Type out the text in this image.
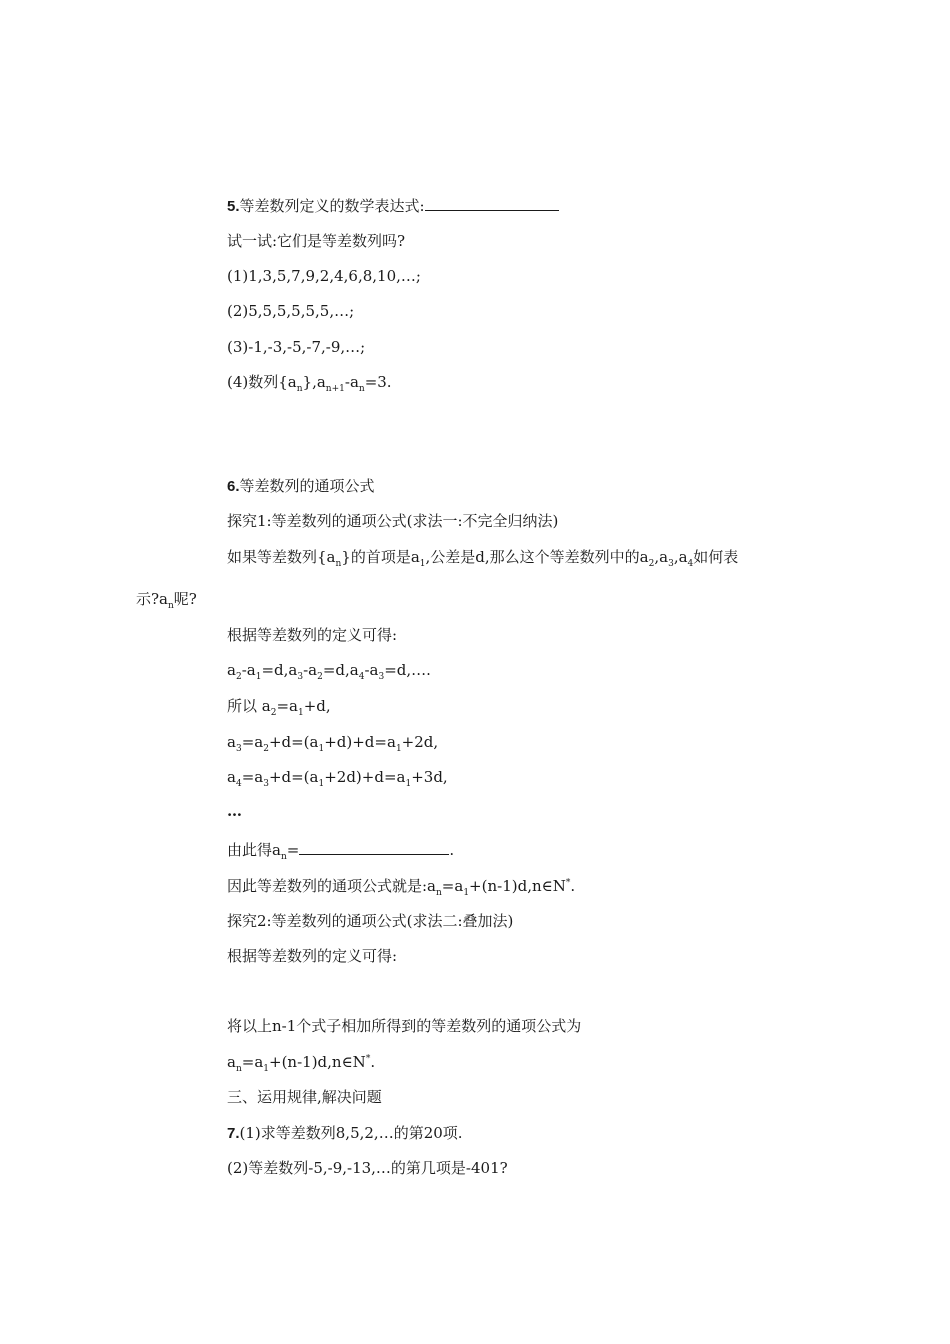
5.等差数列定义的数学表达式:
试一试:它们是等差数列吗?
(1)1,3,5,7,9,2,4,6,8,10,…;
(2)5,5,5,5,5,5,…;
(3)-1,-3,-5,-7,-9,…;
(4)数列$\{a_n\},a_{n+1}-a_n=3$.
6.等差数列的通项公式
探究1:等差数列的通项公式(求法一:不完全归纳法)
如果等差数列$\{a_n\}$的首项是$a_1$,公差是d,那么这个等差数列中的$a_2,a_3,a_4$如何表
示$?a_n$呢?
根据等差数列的定义可得:
$a_2-a_1=d,a_3-a_2=d,a_4-a_3=d,\dots$.
所以 $a_2=a_1+d$,
$a_3=a_2+d=(a_1+d)+d=a_1+2d$,
$a_4=a_3+d=(a_1+2d)+d=a_1+3d$,
…
由此得$a_n=$	.
因此等差数列的通项公式就是$:a_n=a_1+(n-1)d,n\in N^*$.
探究2:等差数列的通项公式(求法二:叠加法)
根据等差数列的定义可得:
将以上n-1个式子相加所得到的等差数列的通项公式为
$a_n=a_1+(n-1)d,n\in N^*$.
三、运用规律,解决问题
7.(1)求等差数列8,5,2,…的第20项.
(2)等差数列-5,-9,-13,…的第几项是-401?
